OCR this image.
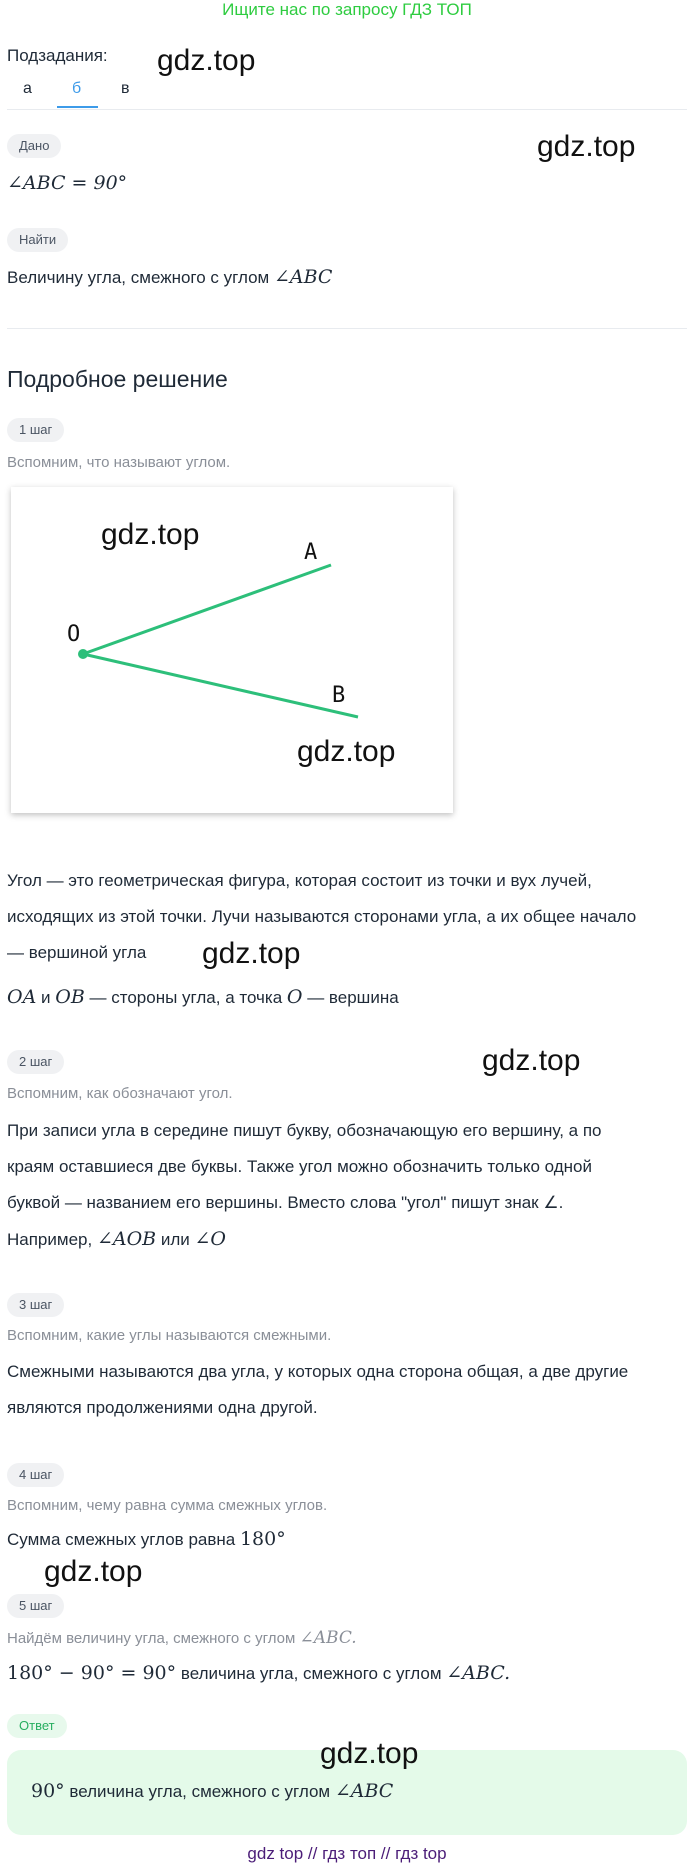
Ищите нас по запросу ГДЗ ТОП
Подзадания:
а	б в
gdz.top
gdz.top
Дано
∠ABC = 90°
Найти
Величину угла, смежного с углом ∠ABC
Подробное решение
1 шаг
Вспомним, что называют углом.
A
O
B
gdz.top
gdz.top
Угол — это геометрическая фигура, которая состоит из точки и вух лучей,
исходящих из этой точки. Лучи называются сторонами угла, а их общее начало
— вершиной угла gdz.top
OA и OB — стороны угла, а точка O — вершина
gdz.top
2 шаг
Вспомним, как обозначают угол.
При записи угла в середине пишут букву, обозначающую его вершину, а по
краям оставшиеся две буквы. Также угол можно обозначить только одной
буквой — названием его вершины. Вместо слова "угол" пишут знак ∠.
Например, ∠AOB или ∠O
3 шаг
Вспомним, какие углы называются смежными.
Смежными называются два угла, у которых одна сторона общая, а две другие
являются продолжениями одна другой.
4 шаг
Вспомним, чему равна сумма смежных углов.
Сумма смежных углов равна 180°
gdz.top
5 шаг
Найдём величину угла, смежного с углом ∠ABC.
180° − 90° = 90° величина угла, смежного с углом ∠ABC.
Ответ
gdz.top
90° величина угла, смежного с углом ∠ABC
gdz top // гдз топ // гдз top
